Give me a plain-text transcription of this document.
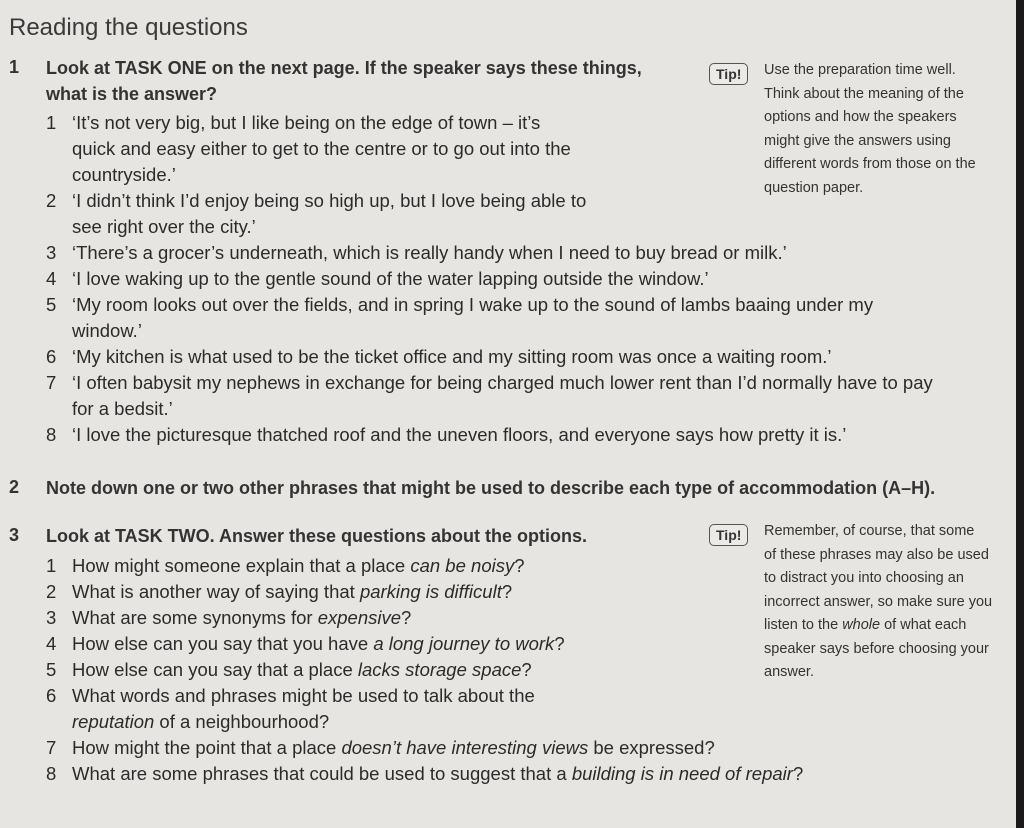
Reading the questions
1 Look at TASK ONE on the next page. If the speaker says these things,
what is the answer?
Tip!	Use the preparation time well.
Think about the meaning of the
options and how the speakers
might give the answers using
different words from those on the
question paper.
1 ‘It’s not very big, but I like being on the edge of town – it’s
quick and easy either to get to the centre or to go out into the
countryside.’
2 ‘I didn’t think I’d enjoy being so high up, but I love being able to
see right over the city.’
3 ‘There’s a grocer’s underneath, which is really handy when I need to buy bread or milk.’
4 ‘I love waking up to the gentle sound of the water lapping outside the window.’
5 ‘My room looks out over the fields, and in spring I wake up to the sound of lambs baaing under my
window.’
6 ‘My kitchen is what used to be the ticket office and my sitting room was once a waiting room.’
7 ‘I often babysit my nephews in exchange for being charged much lower rent than I’d normally have to pay
for a bedsit.’
8 ‘I love the picturesque thatched roof and the uneven floors, and everyone says how pretty it is.’
2 Note down one or two other phrases that might be used to describe each type of accommodation (A–H).
3 Look at TASK TWO. Answer these questions about the options.	Tip!	Remember, of course, that some
of these phrases may also be used
to distract you into choosing an
incorrect answer, so make sure you
listen to the whole of what each
speaker says before choosing your
answer.
1 How might someone explain that a place can be noisy?
2 What is another way of saying that parking is difficult?
3 What are some synonyms for expensive?
4 How else can you say that you have a long journey to work?
5 How else can you say that a place lacks storage space?
6 What words and phrases might be used to talk about the
reputation of a neighbourhood?
7 How might the point that a place doesn’t have interesting views be expressed?
8 What are some phrases that could be used to suggest that a building is in need of repair?
